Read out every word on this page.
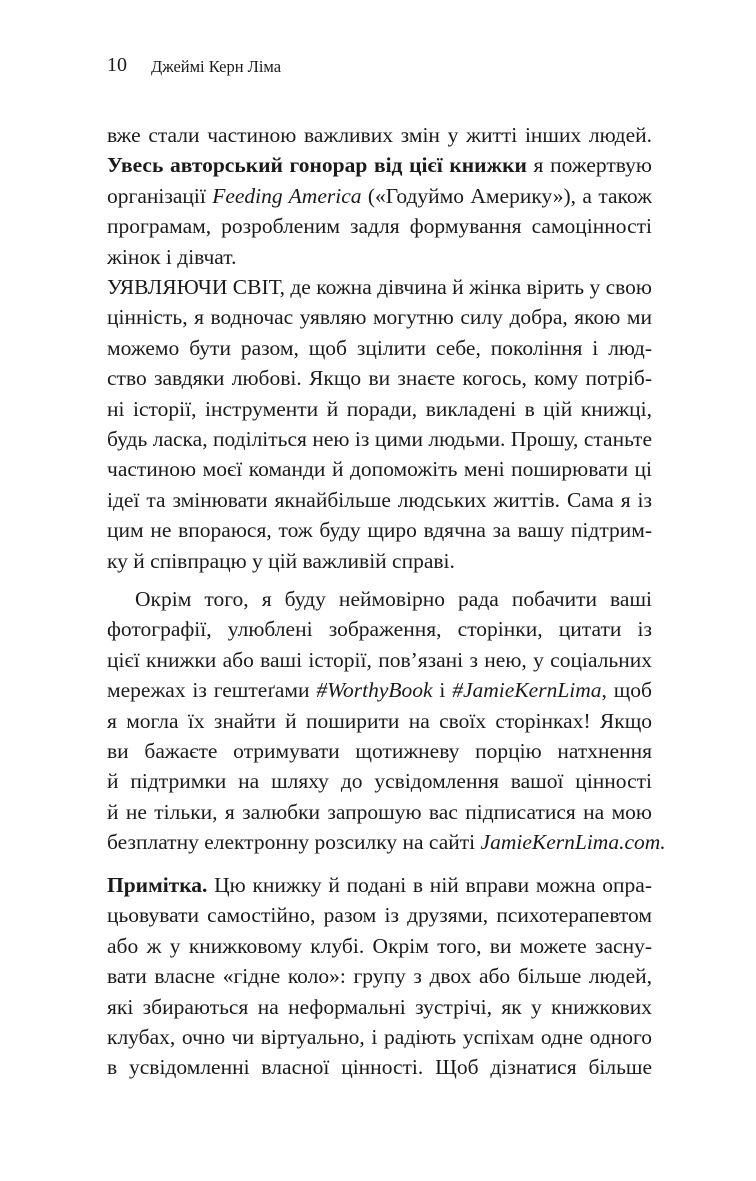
10 Джеймі Керн Ліма
вже стали частиною важливих змін у житті інших людей.
Увесь авторський гонорар від цієї книжки я пожертвую
організації Feeding America («Годуймо Америку»), а також
програмам, розробленим задля формування самоцінності
жінок і дівчат.
УЯВЛЯЮЧИ СВІТ, де кожна дівчина й жінка вірить у свою
цінність, я водночас уявляю могутню силу добра, якою ми
можемо бути разом, щоб зцілити себе, покоління і люд-
ство завдяки любові. Якщо ви знаєте когось, кому потріб-
ні історії, інструменти й поради, викладені в цій книжці,
будь ласка, поділіться нею із цими людьми. Прошу, станьте
частиною моєї команди й допоможіть мені поширювати ці
ідеї та змінювати якнайбільше людських життів. Сама я із
цим не впораюся, тож буду щиро вдячна за вашу підтрим-
ку й співпрацю у цій важливій справі.
Окрім того, я буду неймовірно рада побачити ваші
фотографії, улюблені зображення, сторінки, цитати із
цієї книжки або ваші історії, пов’язані з нею, у соціальних
мережах із гештеґами #WorthyBook і #JamieKernLima, щоб
я могла їх знайти й поширити на своїх сторінках! Якщо
ви бажаєте отримувати щотижневу порцію натхнення
й підтримки на шляху до усвідомлення вашої цінності
й не тільки, я залюбки запрошую вас підписатися на мою
безплатну електронну розсилку на сайті JamieKernLima.com.
Примітка. Цю книжку й подані в ній вправи можна опра-
цьовувати самостійно, разом із друзями, психотерапевтом
або ж у книжковому клубі. Окрім того, ви можете засну-
вати власне «гідне коло»: групу з двох або більше людей,
які збираються на неформальні зустрічі, як у книжкових
клубах, очно чи віртуально, і радіють успіхам одне одного
в усвідомленні власної цінності. Щоб дізнатися більше
